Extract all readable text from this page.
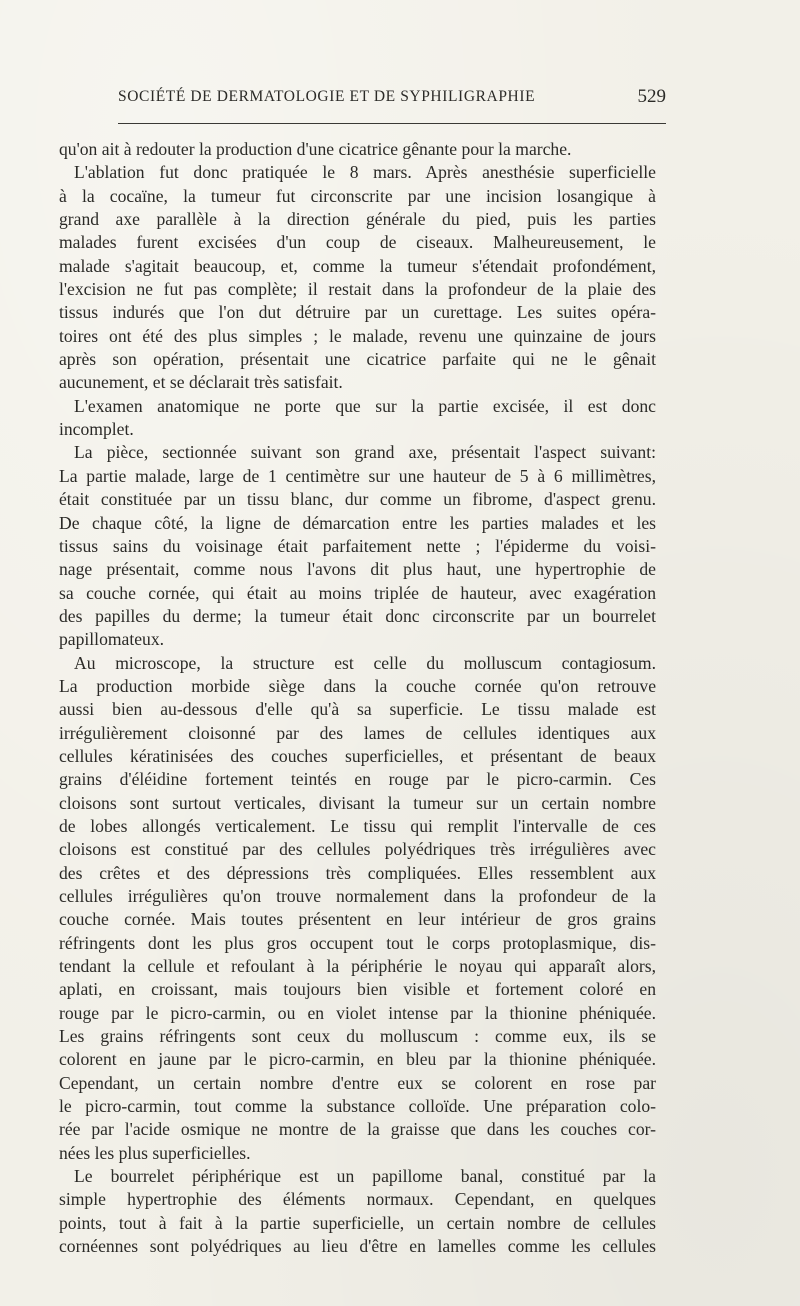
SOCIÉTÉ DE DERMATOLOGIE ET DE SYPHILIGRAPHIE	529

qu'on ait à redouter la production d'une cicatrice gênante pour la marche.

L'ablation fut donc pratiquée le 8 mars. Après anesthésie superficielle
à la cocaïne, la tumeur fut circonscrite par une incision losangique à
grand axe parallèle à la direction générale du pied, puis les parties
malades furent excisées d'un coup de ciseaux. Malheureusement, le
malade s'agitait beaucoup, et, comme la tumeur s'étendait profondément,
l'excision ne fut pas complète; il restait dans la profondeur de la plaie des
tissus indurés que l'on dut détruire par un curettage. Les suites opéra-
toires ont été des plus simples ; le malade, revenu une quinzaine de jours
après son opération, présentait une cicatrice parfaite qui ne le gênait
aucunement, et se déclarait très satisfait.

L'examen anatomique ne porte que sur la partie excisée, il est donc
incomplet.

La pièce, sectionnée suivant son grand axe, présentait l'aspect suivant:
La partie malade, large de 1 centimètre sur une hauteur de 5 à 6 millimètres,
était constituée par un tissu blanc, dur comme un fibrome, d'aspect grenu.
De chaque côté, la ligne de démarcation entre les parties malades et les
tissus sains du voisinage était parfaitement nette ; l'épiderme du voisi-
nage présentait, comme nous l'avons dit plus haut, une hypertrophie de
sa couche cornée, qui était au moins triplée de hauteur, avec exagération
des papilles du derme; la tumeur était donc circonscrite par un bourrelet
papillomateux.

Au microscope, la structure est celle du molluscum contagiosum.
La production morbide siège dans la couche cornée qu'on retrouve
aussi bien au-dessous d'elle qu'à sa superficie. Le tissu malade est
irrégulièrement cloisonné par des lames de cellules identiques aux
cellules kératinisées des couches superficielles, et présentant de beaux
grains d'éléidine fortement teintés en rouge par le picro-carmin. Ces
cloisons sont surtout verticales, divisant la tumeur sur un certain nombre
de lobes allongés verticalement. Le tissu qui remplit l'intervalle de ces
cloisons est constitué par des cellules polyédriques très irrégulières avec
des crêtes et des dépressions très compliquées. Elles ressemblent aux
cellules irrégulières qu'on trouve normalement dans la profondeur de la
couche cornée. Mais toutes présentent en leur intérieur de gros grains
réfringents dont les plus gros occupent tout le corps protoplasmique, dis-
tendant la cellule et refoulant à la périphérie le noyau qui apparaît alors,
aplati, en croissant, mais toujours bien visible et fortement coloré en
rouge par le picro-carmin, ou en violet intense par la thionine phéniquée.
Les grains réfringents sont ceux du molluscum : comme eux, ils se
colorent en jaune par le picro-carmin, en bleu par la thionine phéniquée.
Cependant, un certain nombre d'entre eux se colorent en rose par
le picro-carmin, tout comme la substance colloïde. Une préparation colo-
rée par l'acide osmique ne montre de la graisse que dans les couches cor-
nées les plus superficielles.

Le bourrelet périphérique est un papillome banal, constitué par la
simple hypertrophie des éléments normaux. Cependant, en quelques
points, tout à fait à la partie superficielle, un certain nombre de cellules
cornéennes sont polyédriques au lieu d'être en lamelles comme les cellules
